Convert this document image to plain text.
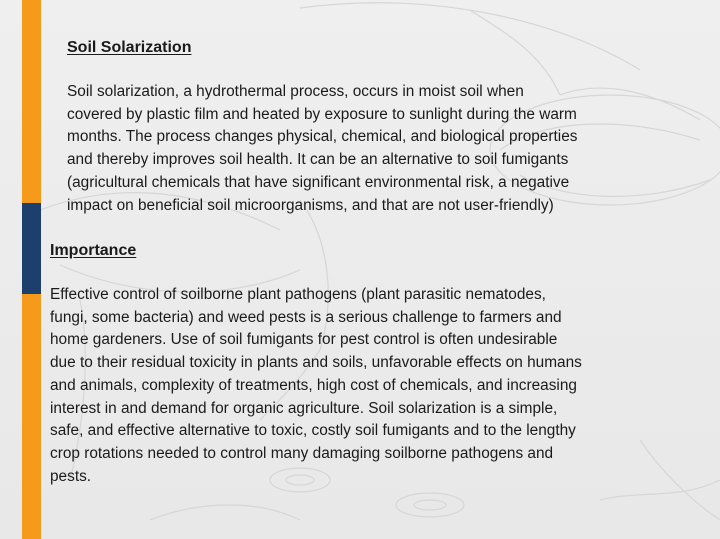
Soil Solarization

Soil solarization, a hydrothermal process, occurs in moist soil when
covered by plastic film and heated by exposure to sunlight during the warm
months. The process changes physical, chemical, and biological properties
and thereby improves soil health. It can be an alternative to soil fumigants
(agricultural chemicals that have significant environmental risk, a negative
impact on beneficial soil microorganisms, and that are not user-friendly)

Importance

Effective control of soilborne plant pathogens (plant parasitic nematodes,
fungi, some bacteria) and weed pests is a serious challenge to farmers and
home gardeners. Use of soil fumigants for pest control is often undesirable
due to their residual toxicity in plants and soils, unfavorable effects on humans
and animals, complexity of treatments, high cost of chemicals, and increasing
interest in and demand for organic agriculture. Soil solarization is a simple,
safe, and effective alternative to toxic, costly soil fumigants and to the lengthy
crop rotations needed to control many damaging soilborne pathogens and
pests.
